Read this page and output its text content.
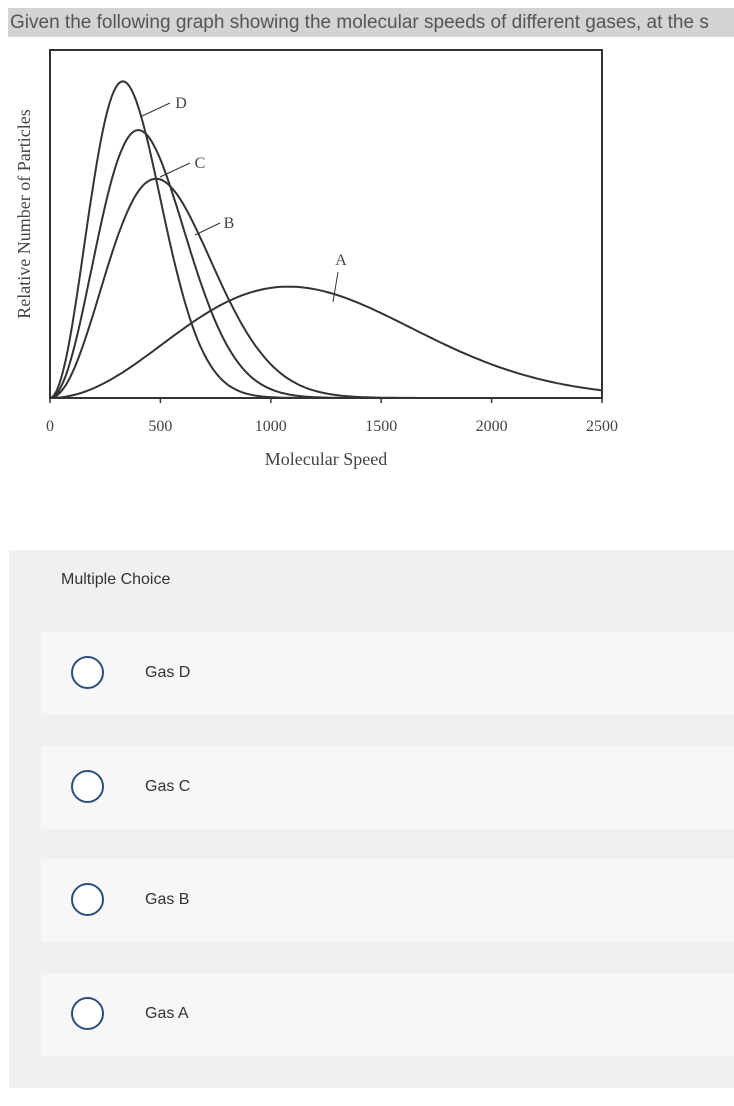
Given the following graph showing the molecular speeds of different gases, at the s
0	500	1000	1500	2000	2500
Molecular Speed
Relative Number of Particles
D
C
B
A
Multiple Choice
Gas D
Gas C
Gas B
Gas A
